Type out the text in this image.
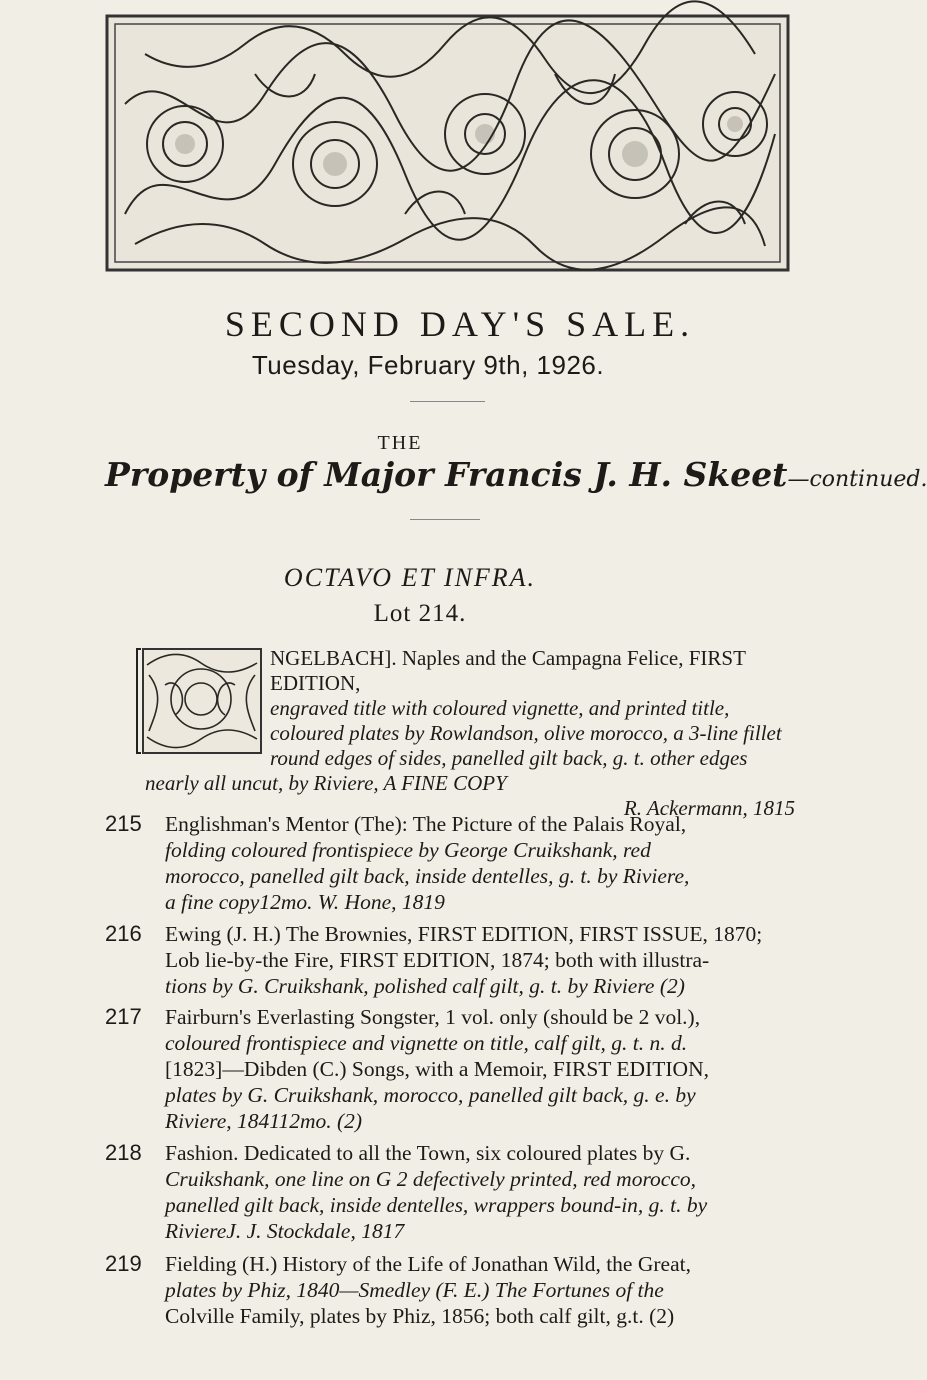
SECOND DAY'S SALE.
Tuesday, February 9th, 1926.
THE
Property of Major Francis J. H. Skeet—continued.
OCTAVO ET INFRA.
Lot 214.
NGELBACH]. Naples and the Campagna Felice, FIRST EDITION,
engraved title with coloured vignette, and printed title,
coloured plates by Rowlandson, olive morocco, a 3-line fillet
round edges of sides, panelled gilt back, g. t. other edges
nearly all uncut, by Riviere, A FINE COPY
R. Ackermann, 1815
215 Englishman's Mentor (The): The Picture of the Palais Royal,
folding coloured frontispiece by George Cruikshank, red
morocco, panelled gilt back, inside dentelles, g. t. by Riviere,
a fine copy12mo. W. Hone, 1819
216 Ewing (J. H.) The Brownies, FIRST EDITION, FIRST ISSUE, 1870;
Lob lie-by-the Fire, FIRST EDITION, 1874; both with illustra-
tions by G. Cruikshank, polished calf gilt, g. t. by Riviere (2)
217 Fairburn's Everlasting Songster, 1 vol. only (should be 2 vol.),
coloured frontispiece and vignette on title, calf gilt, g. t. n. d.
[1823]—Dibden (C.) Songs, with a Memoir, FIRST EDITION,
plates by G. Cruikshank, morocco, panelled gilt back, g. e. by
Riviere, 184112mo. (2)
218 Fashion. Dedicated to all the Town, six coloured plates by G.
Cruikshank, one line on G 2 defectively printed, red morocco,
panelled gilt back, inside dentelles, wrappers bound-in, g. t. by
RiviereJ. J. Stockdale, 1817
219 Fielding (H.) History of the Life of Jonathan Wild, the Great,
plates by Phiz, 1840—Smedley (F. E.) The Fortunes of the
Colville Family, plates by Phiz, 1856; both calf gilt, g.t. (2)
